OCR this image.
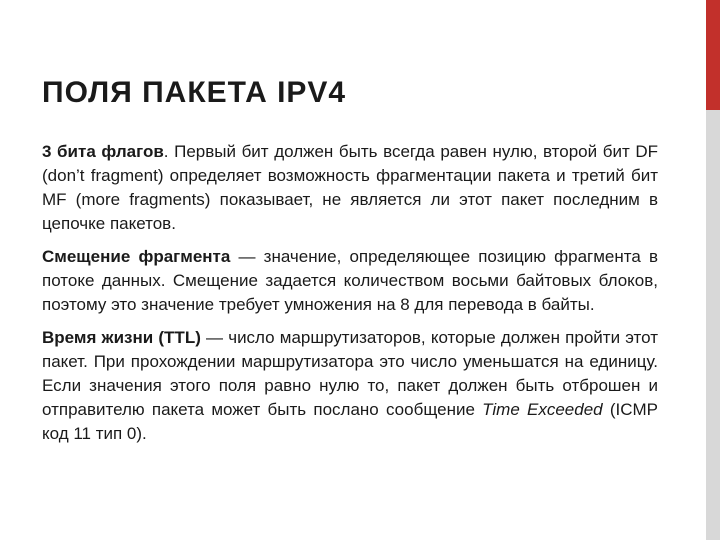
ПОЛЯ ПАКЕТА IPV4

3 бита флагов. Первый бит должен быть всегда равен нулю, второй бит DF (don’t fragment) определяет возможность фрагментации пакета и третий бит MF (more fragments) показывает, не является ли этот пакет последним в цепочке пакетов.

Смещение фрагмента — значение, определяющее позицию фрагмента в потоке данных. Смещение задается количеством восьми байтовых блоков, поэтому это значение требует умножения на 8 для перевода в байты.

Время жизни (TTL) — число маршрутизаторов, которые должен пройти этот пакет. При прохождении маршрутизатора это число уменьшатся на единицу. Если значения этого поля равно нулю то, пакет должен быть отброшен и отправителю пакета может быть послано сообщение Time Exceeded (ICMP код 11 тип 0).
